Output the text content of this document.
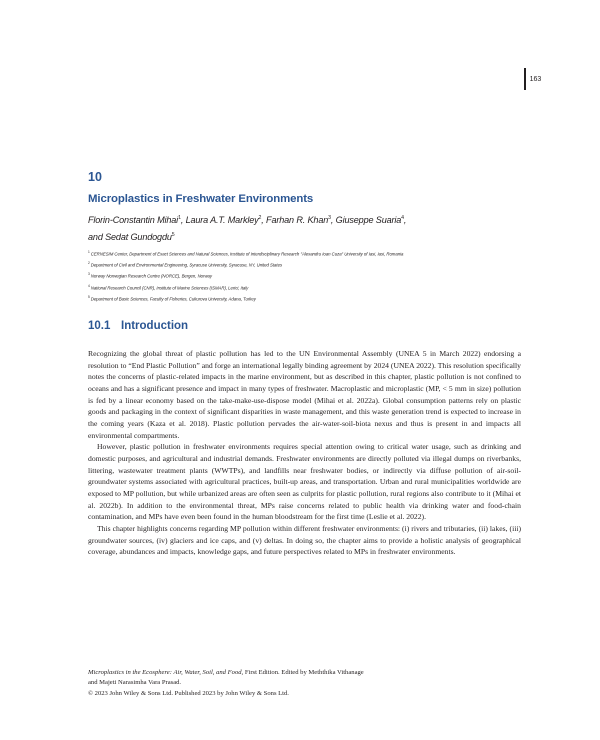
163
10
Microplastics in Freshwater Environments
Florin-Constantin Mihai$^1$, Laura A.T. Markley$^2$, Farhan R. Khan$^3$, Giuseppe Suaria$^4$,
and Sedat Gundogdu$^5$
$^1$CERNESIM Center, Department of Exact Sciences and Natural Sciences, Institute of Interdisciplinary Research "Alexandru Ioan Cuza" University of Iasi, Iasi, Romania
$^2$Department of Civil and Environmental Engineering, Syracuse University, Syracuse, NY, United States
$^3$Norway Norwegian Research Centre (NORCE), Bergen, Norway
$^4$National Research Council (CNR), Institute of Marine Sciences (ISMAR), Lerici, Italy
$^5$Department of Basic Sciences, Faculty of Fisheries, Cukurova University, Adana, Turkey
10.1 Introduction

Recognizing the global threat of plastic pollution has led to the UN Environmental Assembly (UNEA 5 in March 2022) endorsing a resolution to “End Plastic Pollution” and forge an international legally binding agreement by 2024 (UNEA 2022). This resolution specifically notes the concerns of plastic-related impacts in the marine environment, but as described in this chapter, plastic pollution is not confined to oceans and has a significant presence and impact in many types of freshwater. Macroplastic and microplastic (MP, < 5 mm in size) pollution is fed by a linear economy based on the take-make-use-dispose model (Mihai et al. 2022a). Global consumption patterns rely on plastic goods and packaging in the context of significant disparities in waste management, and this waste generation trend is expected to increase in the coming years (Kaza et al. 2018). Plastic pollution pervades the air-water-soil-biota nexus and thus is present in and impacts all environmental compartments.

However, plastic pollution in freshwater environments requires special attention owing to critical water usage, such as drinking and domestic purposes, and agricultural and industrial demands. Freshwater environments are directly polluted via illegal dumps on riverbanks, littering, wastewater treatment plants (WWTPs), and landfills near freshwater bodies, or indirectly via diffuse pollution of air-soil-groundwater systems associated with agricultural practices, built-up areas, and transportation. Urban and rural municipalities worldwide are exposed to MP pollution, but while urbanized areas are often seen as culprits for plastic pollution, rural regions also contribute to it (Mihai et al. 2022b). In addition to the environmental threat, MPs raise concerns related to public health via drinking water and food-chain contamination, and MPs have even been found in the human bloodstream for the first time (Leslie et al. 2022).

This chapter highlights concerns regarding MP pollution within different freshwater environments: (i) rivers and tributaries, (ii) lakes, (iii) groundwater sources, (iv) glaciers and ice caps, and (v) deltas. In doing so, the chapter aims to provide a holistic analysis of geographical coverage, abundances and impacts, knowledge gaps, and future perspectives related to MPs in freshwater environments.

Microplastics in the Ecosphere: Air, Water, Soil, and Food, First Edition. Edited by Meththika Vithanage
and Majeti Narasimha Vara Prasad.
© 2023 John Wiley & Sons Ltd. Published 2023 by John Wiley & Sons Ltd.
